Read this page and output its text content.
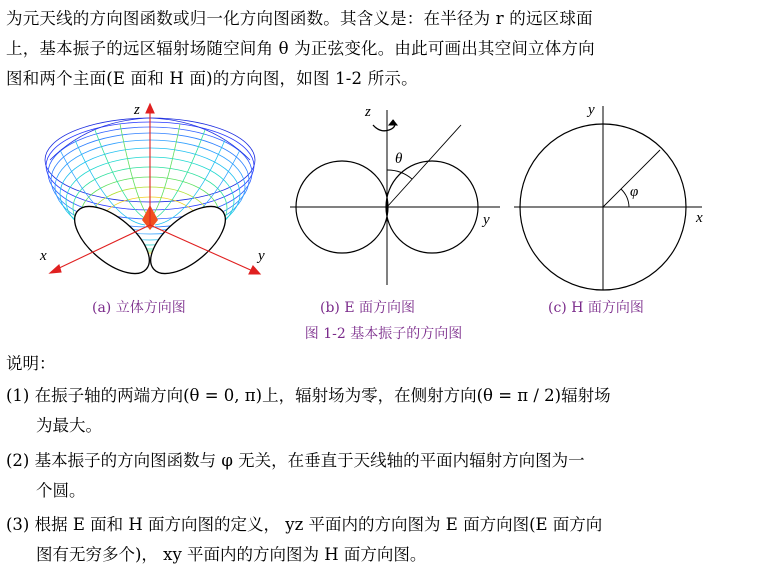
为元天线的方向图函数或归一化方向图函数。其含义是：在半径为 r 的远区球面
上，基本振子的远区辐射场随空间角 θ 为正弦变化。由此可画出其空间立体方向
图和两个主面(E 面和 H 面)的方向图，如图 1-2 所示。
z
x	y
z
θ
y
y
φ
x
(a) 立体方向图	(b) E 面方向图	(c) H 面方向图
图 1-2 基本振子的方向图
说明：
(1) 在振子轴的两端方向(θ = 0, π)上，辐射场为零，在侧射方向(θ = π / 2)辐射场
为最大。
(2) 基本振子的方向图函数与 φ 无关，在垂直于天线轴的平面内辐射方向图为一
个圆。
(3) 根据 E 面和 H 面方向图的定义， yz 平面内的方向图为 E 面方向图(E 面方向
图有无穷多个)， xy 平面内的方向图为 H 面方向图。
